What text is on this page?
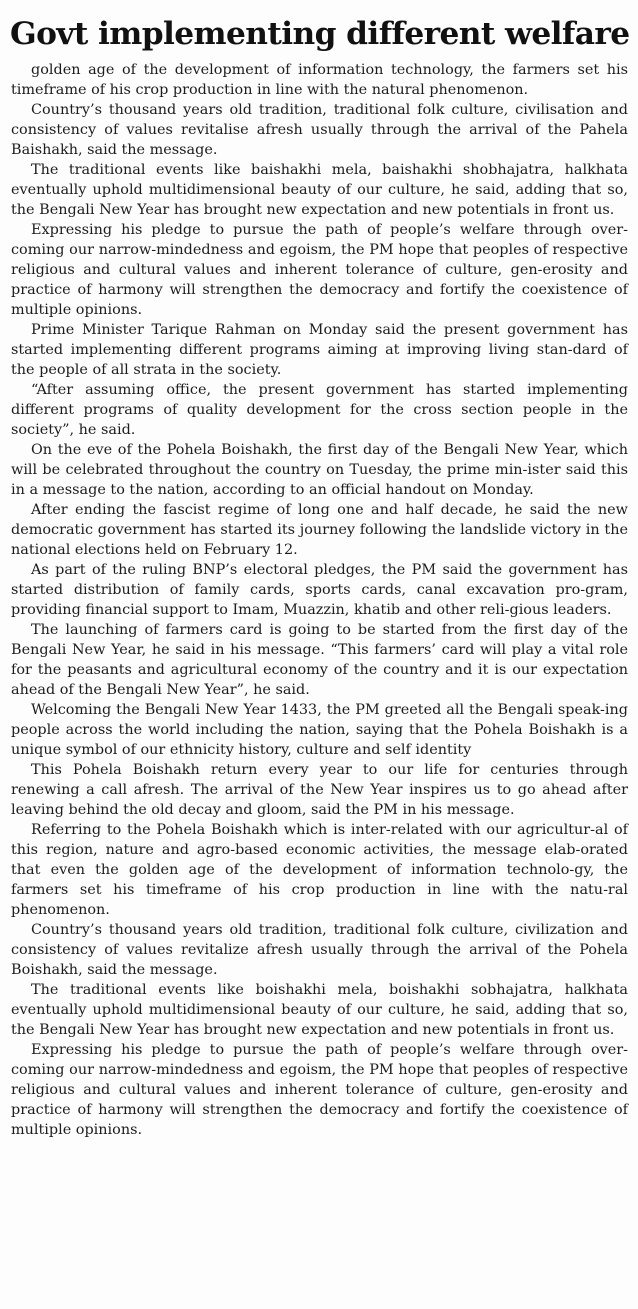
Govt implementing different welfare

golden age of the development of information technology, the farmers set his timeframe of his crop production in line with the natural phenomenon.

Country’s thousand years old tradition, traditional folk culture, civilisation and consistency of values revitalise afresh usually through the arrival of the Pahela Baishakh, said the message.

The traditional events like baishakhi mela, baishakhi shobhajatra, halkhata eventually uphold multidimensional beauty of our culture, he said, adding that so, the Bengali New Year has brought new expectation and new potentials in front us.

Expressing his pledge to pursue the path of people’s welfare through over-coming our narrow-mindedness and egoism, the PM hope that peoples of respective religious and cultural values and inherent tolerance of culture, gen-erosity and practice of harmony will strengthen the democracy and fortify the coexistence of multiple opinions.

Prime Minister Tarique Rahman on Monday said the present government has started implementing different programs aiming at improving living stan-dard of the people of all strata in the society.

“After assuming office, the present government has started implementing different programs of quality development for the cross section people in the society”, he said.

On the eve of the Pohela Boishakh, the first day of the Bengali New Year, which will be celebrated throughout the country on Tuesday, the prime min-ister said this in a message to the nation, according to an official handout on Monday.

After ending the fascist regime of long one and half decade, he said the new democratic government has started its journey following the landslide victory in the national elections held on February 12.

As part of the ruling BNP’s electoral pledges, the PM said the government has started distribution of family cards, sports cards, canal excavation pro-gram, providing financial support to Imam, Muazzin, khatib and other reli-gious leaders.

The launching of farmers card is going to be started from the first day of the Bengali New Year, he said in his message. “This farmers’ card will play a vital role for the peasants and agricultural economy of the country and it is our expectation ahead of the Bengali New Year”, he said.

Welcoming the Bengali New Year 1433, the PM greeted all the Bengali speak-ing people across the world including the nation, saying that the Pohela Boishakh is a unique symbol of our ethnicity history, culture and self identity

This Pohela Boishakh return every year to our life for centuries through renewing a call afresh. The arrival of the New Year inspires us to go ahead after leaving behind the old decay and gloom, said the PM in his message.

Referring to the Pohela Boishakh which is inter-related with our agricultur-al of this region, nature and agro-based economic activities, the message elab-orated that even the golden age of the development of information technolo-gy, the farmers set his timeframe of his crop production in line with the natu-ral phenomenon.

Country’s thousand years old tradition, traditional folk culture, civilization and consistency of values revitalize afresh usually through the arrival of the Pohela Boishakh, said the message.

The traditional events like boishakhi mela, boishakhi sobhajatra, halkhata eventually uphold multidimensional beauty of our culture, he said, adding that so, the Bengali New Year has brought new expectation and new potentials in front us.

Expressing his pledge to pursue the path of people’s welfare through over-coming our narrow-mindedness and egoism, the PM hope that peoples of respective religious and cultural values and inherent tolerance of culture, gen-erosity and practice of harmony will strengthen the democracy and fortify the coexistence of multiple opinions.
